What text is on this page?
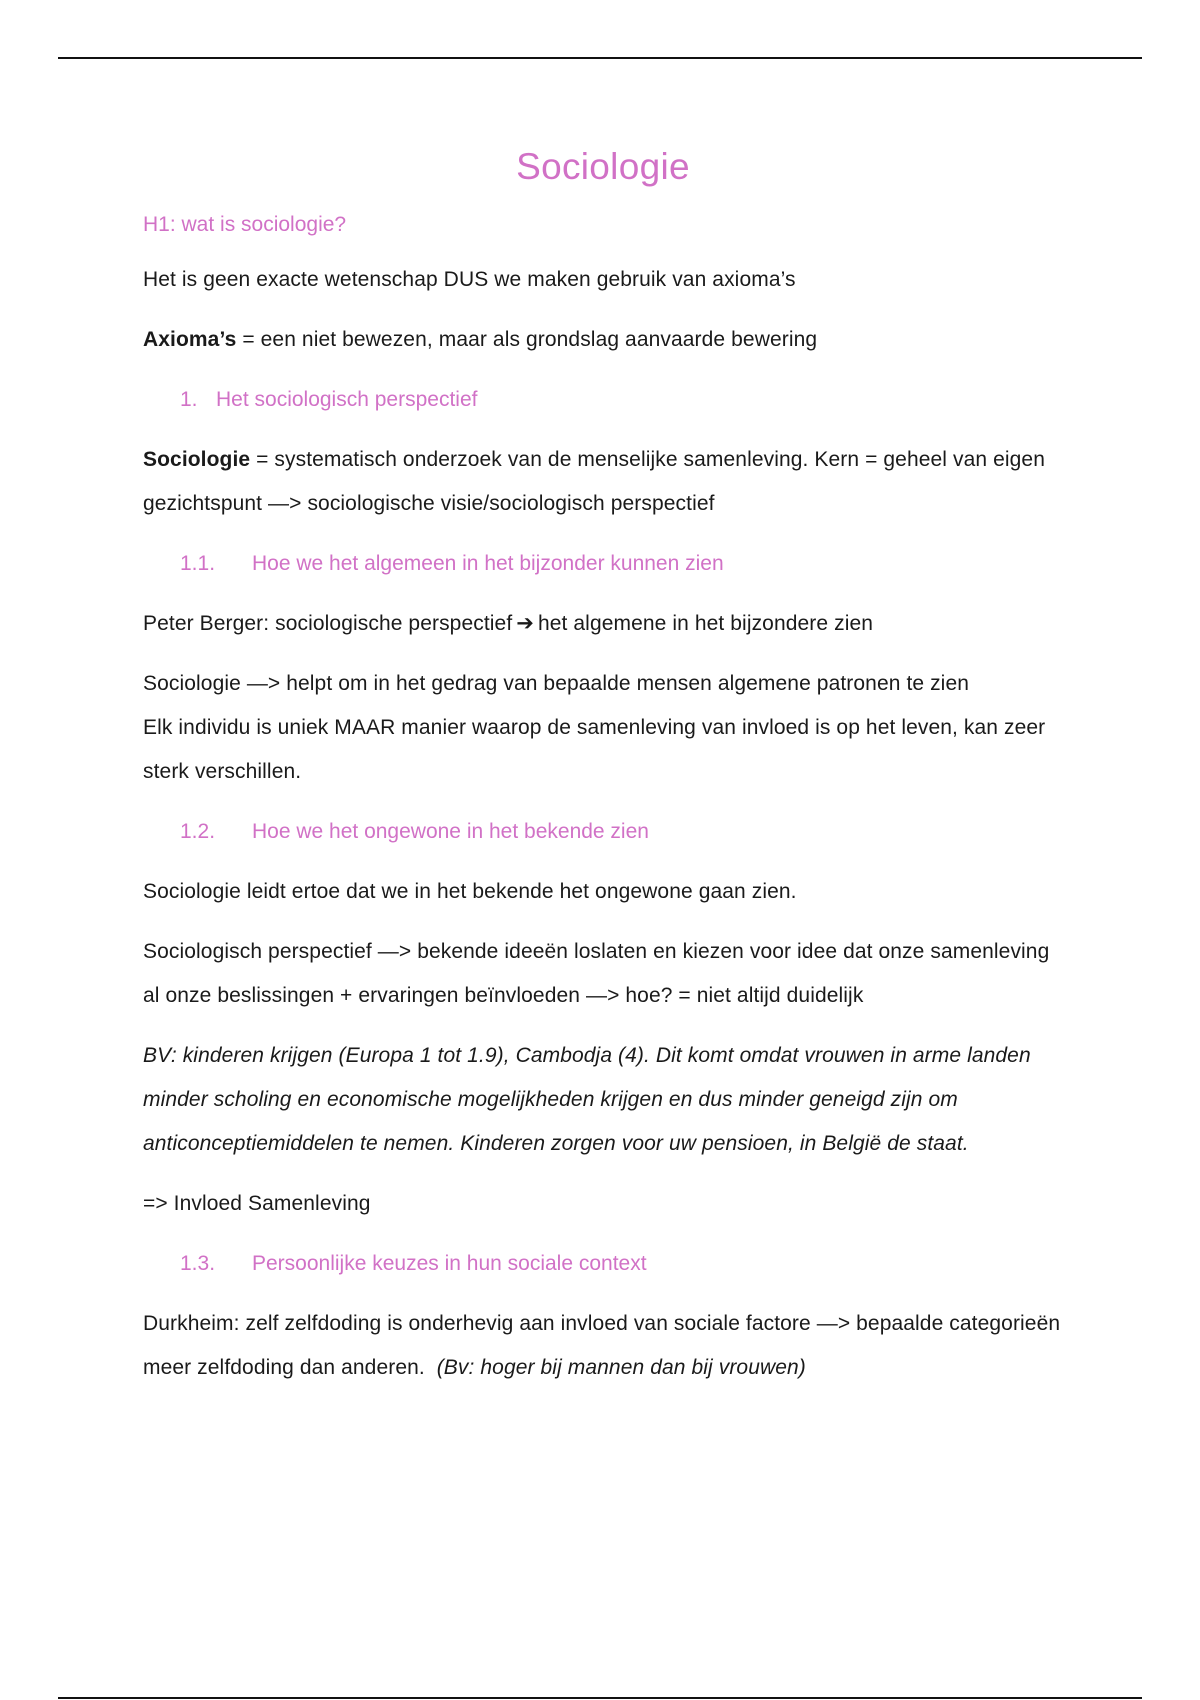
Sociologie
H1: wat is sociologie?
Het is geen exacte wetenschap DUS we maken gebruik van axioma’s
Axioma’s = een niet bewezen, maar als grondslag aanvaarde bewering
1. Het sociologisch perspectief
Sociologie = systematisch onderzoek van de menselijke samenleving. Kern = geheel van eigen gezichtspunt —> sociologische visie/sociologisch perspectief
1.1.	Hoe we het algemeen in het bijzonder kunnen zien
Peter Berger: sociologische perspectief ➔ het algemene in het bijzondere zien
Sociologie —> helpt om in het gedrag van bepaalde mensen algemene patronen te zien
Elk individu is uniek MAAR manier waarop de samenleving van invloed is op het leven, kan zeer sterk verschillen.
1.2.	Hoe we het ongewone in het bekende zien
Sociologie leidt ertoe dat we in het bekende het ongewone gaan zien.
Sociologisch perspectief —> bekende ideeën loslaten en kiezen voor idee dat onze samenleving al onze beslissingen + ervaringen beïnvloeden —> hoe? = niet altijd duidelijk
BV: kinderen krijgen (Europa 1 tot 1.9), Cambodja (4). Dit komt omdat vrouwen in arme landen minder scholing en economische mogelijkheden krijgen en dus minder geneigd zijn om anticonceptiemiddelen te nemen. Kinderen zorgen voor uw pensioen, in België de staat.
=> Invloed Samenleving
1.3.	Persoonlijke keuzes in hun sociale context
Durkheim: zelf zelfdoding is onderhevig aan invloed van sociale factore —> bepaalde categorieën meer zelfdoding dan anderen. (Bv: hoger bij mannen dan bij vrouwen)
